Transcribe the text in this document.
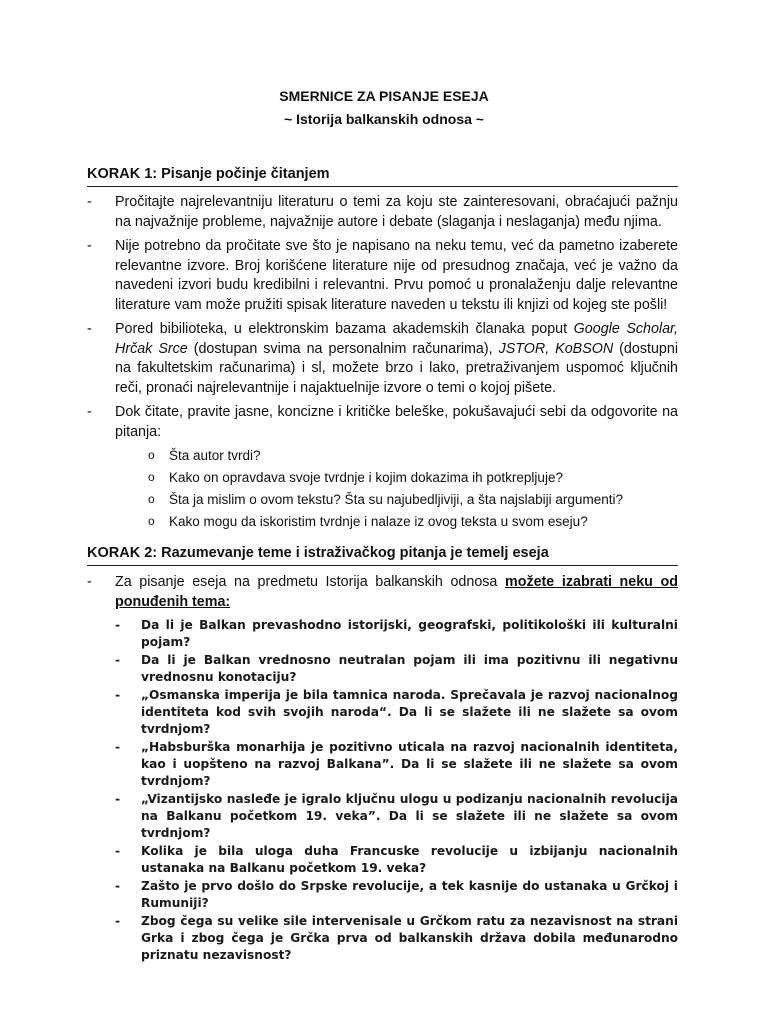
SMERNICE ZA PISANJE ESEJA
~ Istorija balkanskih odnosa ~
KORAK 1: Pisanje počinje čitanjem
- Pročitajte najrelevantniju literaturu o temi za koju ste zainteresovani, obraćajući pažnju na najvažnije probleme, najvažnije autore i debate (slaganja i neslaganja) među njima.
- Nije potrebno da pročitate sve što je napisano na neku temu, već da pametno izaberete relevantne izvore. Broj korišćene literature nije od presudnog značaja, već je važno da navedeni izvori budu kredibilni i relevantni. Prvu pomoć u pronalaženju dalje relevantne literature vam može pružiti spisak literature naveden u tekstu ili knjizi od kojeg ste pošli!
- Pored bibilioteka, u elektronskim bazama akademskih članaka poput Google Scholar, Hrčak Srce (dostupan svima na personalnim računarima), JSTOR, KoBSON (dostupni na fakultetskim računarima) i sl, možete brzo i lako, pretraživanjem uspomoć ključnih reči, pronaći najrelevantnije i najaktuelnije izvore o temi o kojoj pišete.
- Dok čitate, pravite jasne, koncizne i kritičke beleške, pokušavajući sebi da odgovorite na pitanja:
o Šta autor tvrdi?
o Kako on opravdava svoje tvrdnje i kojim dokazima ih potkrepljuje?
o Šta ja mislim o ovom tekstu? Šta su najubedljiviji, a šta najslabiji argumenti?
o Kako mogu da iskoristim tvrdnje i nalaze iz ovog teksta u svom eseju?
KORAK 2: Razumevanje teme i istraživačkog pitanja je temelj eseja
- Za pisanje eseja na predmetu Istorija balkanskih odnosa možete izabrati neku od ponuđenih tema:
- Da li je Balkan prevashodno istorijski, geografski, politikološki ili kulturalni pojam?
- Da li je Balkan vrednosno neutralan pojam ili ima pozitivnu ili negativnu vrednosnu konotaciju?
- „Osmanska imperija je bila tamnica naroda. Sprečavala je razvoj nacionalnog identiteta kod svih svojih naroda“. Da li se slažete ili ne slažete sa ovom tvrdnjom?
- „Habsburška monarhija je pozitivno uticala na razvoj nacionalnih identiteta, kao i uopšteno na razvoj Balkana”. Da li se slažete ili ne slažete sa ovom tvrdnjom?
- „Vizantijsko nasleđe je igralo ključnu ulogu u podizanju nacionalnih revolucija na Balkanu početkom 19. veka”. Da li se slažete ili ne slažete sa ovom tvrdnjom?
- Kolika je bila uloga duha Francuske revolucije u izbijanju nacionalnih ustanaka na Balkanu početkom 19. veka?
- Zašto je prvo došlo do Srpske revolucije, a tek kasnije do ustanaka u Grčkoj i Rumuniji?
- Zbog čega su velike sile intervenisale u Grčkom ratu za nezavisnost na strani Grka i zbog čega je Grčka prva od balkanskih država dobila međunarodno priznatu nezavisnost?
